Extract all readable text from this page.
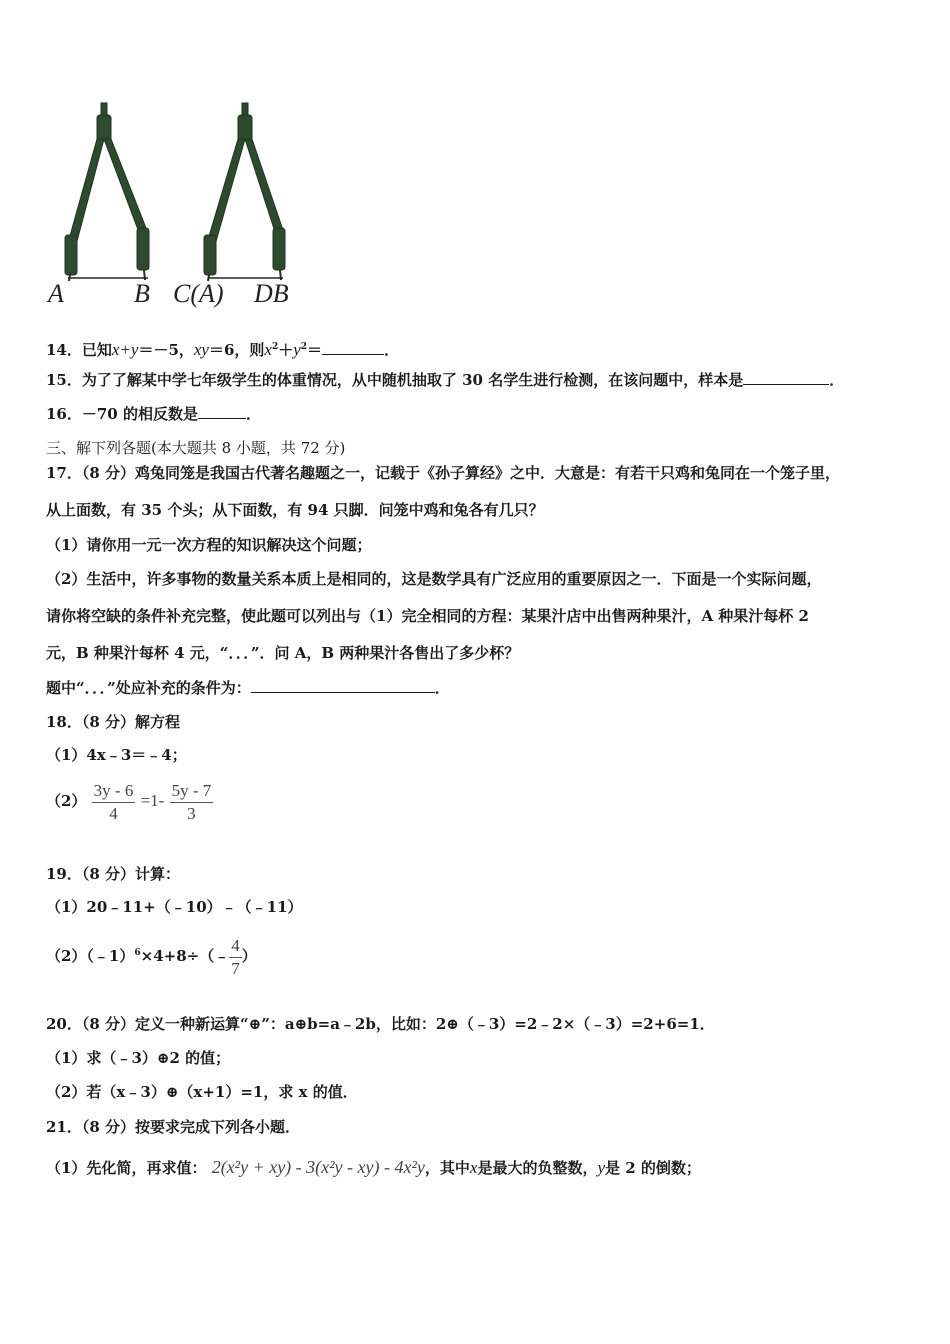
A	B C(A) DB
14．已知x+y＝－5，xy＝6，则$x^2+y^2=$	．
15．为了了解某中学七年级学生的体重情况，从中随机抽取了 30 名学生进行检测，在该问题中，样本是	．
16．－70 的相反数是	．
三、解下列各题(本大题共 8 小题，共 72 分)
17．（8 分）鸡兔同笼是我国古代著名趣题之一，记载于《孙子算经》之中．大意是：有若干只鸡和兔同在一个笼子里，
从上面数，有 35 个头；从下面数，有 94 只脚．问笼中鸡和兔各有几只？
（1）请你用一元一次方程的知识解决这个问题；
（2）生活中，许多事物的数量关系本质上是相同的，这是数学具有广泛应用的重要原因之一．下面是一个实际问题，
请你将空缺的条件补充完整，使此题可以列出与（1）完全相同的方程：某果汁店中出售两种果汁，A 种果汁每杯 2
元，B 种果汁每杯 4 元，“．．．”．问 A，B 两种果汁各售出了多少杯？
题中“．．．”处应补充的条件为：	．
18．（8 分）解方程
（1）4x﹣3＝﹣4；
$(2) \frac{3y - 6}{4} =1- \frac{5y - 7}{3}$
19．（8 分）计算：
（1）20﹣11+（﹣10）﹣（﹣11）
（2）（﹣1）$^6$×4+8÷（﹣ $\frac{4}{7}$ ）
20．（8 分）定义一种新运算“⊕”：a⊕b=a﹣2b，比如：2⊕（﹣3）=2﹣2×（﹣3）=2+6=1．
（1）求（﹣3）⊕2 的值；
（2）若（x﹣3）⊕（x+1）=1，求 x 的值．
21．（8 分）按要求完成下列各小题．
（1）先化简，再求值： 2(x²y + xy) - 3(x²y - xy) - 4x²y，其中x是最大的负整数，y是 2 的倒数；
